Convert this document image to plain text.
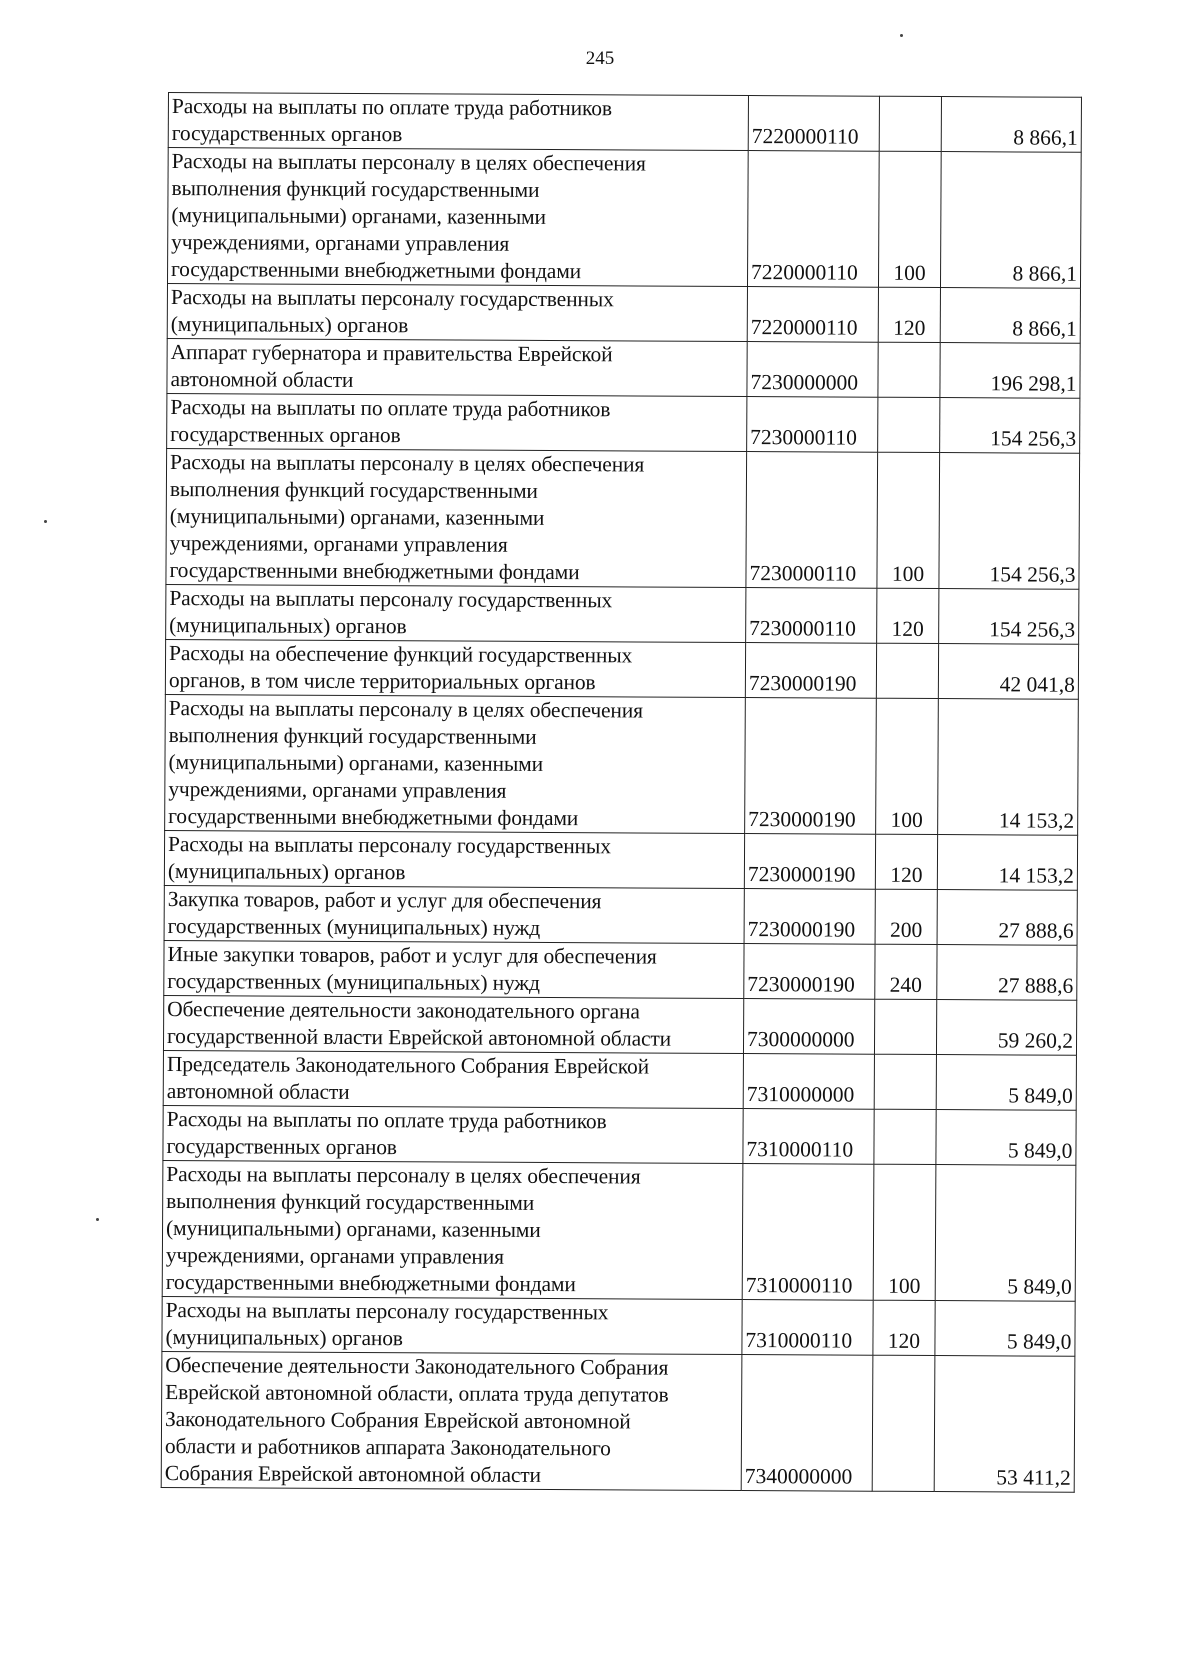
245
Расходы на выплаты по оплате труда работников
государственных органов	7220000110		8 866,1
Расходы на выплаты персоналу в целях обеспечения
выполнения функций государственными
(муниципальными) органами, казенными
учреждениями, органами управления
государственными внебюджетными фондами	7220000110	100	8 866,1
Расходы на выплаты персоналу государственных
(муниципальных) органов	7220000110	120	8 866,1
Аппарат губернатора и правительства Еврейской
автономной области	7230000000		196 298,1
Расходы на выплаты по оплате труда работников
государственных органов	7230000110		154 256,3
Расходы на выплаты персоналу в целях обеспечения
выполнения функций государственными
(муниципальными) органами, казенными
учреждениями, органами управления
государственными внебюджетными фондами	7230000110	100	154 256,3
Расходы на выплаты персоналу государственных
(муниципальных) органов	7230000110	120	154 256,3
Расходы на обеспечение функций государственных
органов, в том числе территориальных органов	7230000190		42 041,8
Расходы на выплаты персоналу в целях обеспечения
выполнения функций государственными
(муниципальными) органами, казенными
учреждениями, органами управления
государственными внебюджетными фондами	7230000190	100	14 153,2
Расходы на выплаты персоналу государственных
(муниципальных) органов	7230000190	120	14 153,2
Закупка товаров, работ и услуг для обеспечения
государственных (муниципальных) нужд	7230000190	200	27 888,6
Иные закупки товаров, работ и услуг для обеспечения
государственных (муниципальных) нужд	7230000190	240	27 888,6
Обеспечение деятельности законодательного органа
государственной власти Еврейской автономной области	7300000000		59 260,2
Председатель Законодательного Собрания Еврейской
автономной области	7310000000		5 849,0
Расходы на выплаты по оплате труда работников
государственных органов	7310000110		5 849,0
Расходы на выплаты персоналу в целях обеспечения
выполнения функций государственными
(муниципальными) органами, казенными
учреждениями, органами управления
государственными внебюджетными фондами	7310000110	100	5 849,0
Расходы на выплаты персоналу государственных
(муниципальных) органов	7310000110	120	5 849,0
Обеспечение деятельности Законодательного Собрания
Еврейской автономной области, оплата труда депутатов
Законодательного Собрания Еврейской автономной
области и работников аппарата Законодательного
Собрания Еврейской автономной области	7340000000		53 411,2
